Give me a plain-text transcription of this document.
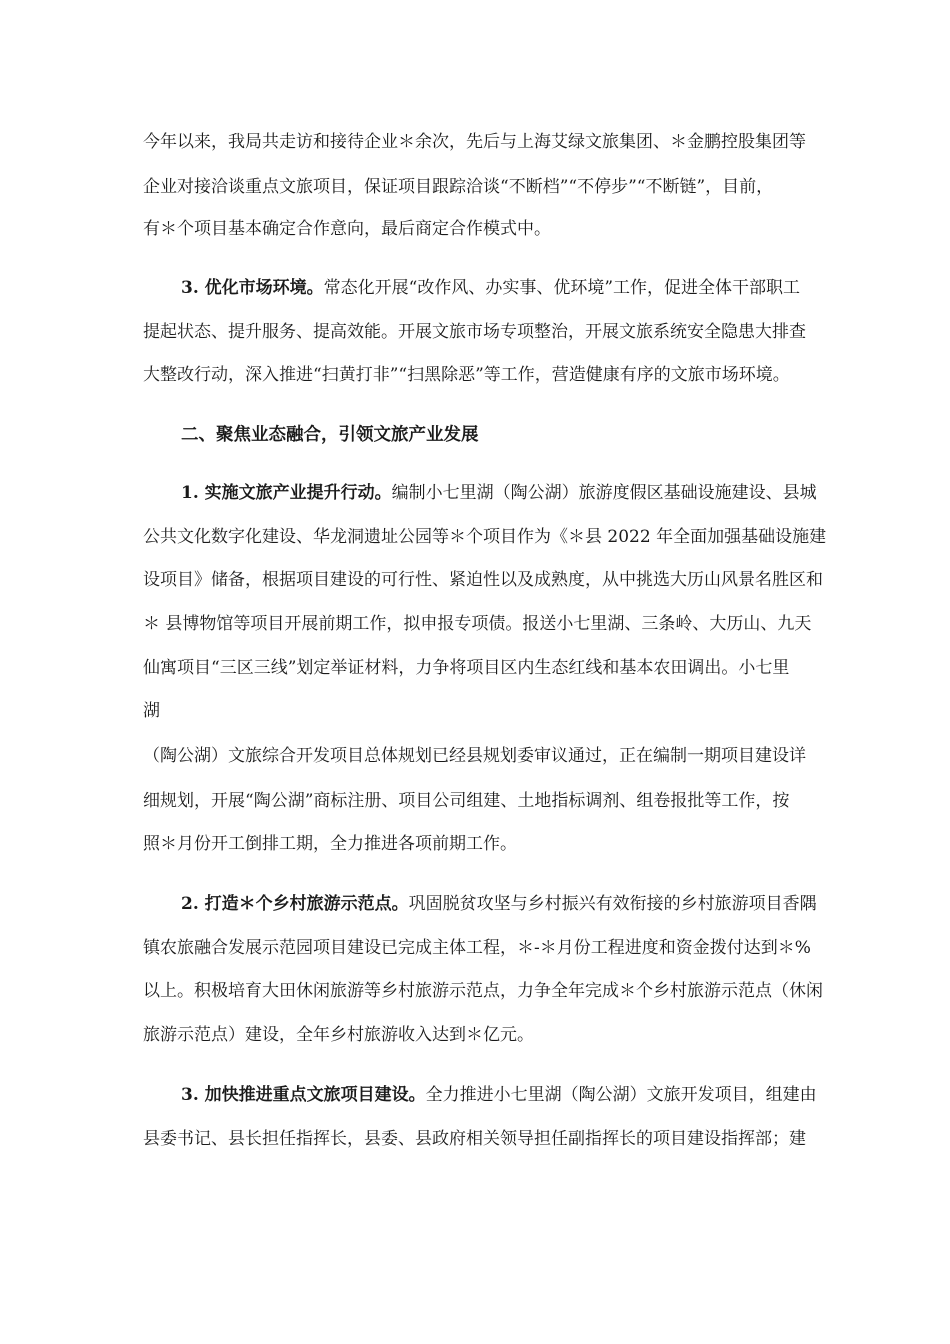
今年以来，我局共走访和接待企业＊余次，先后与上海艾绿文旅集团、＊金鹏控股集团等
企业对接洽谈重点文旅项目，保证项目跟踪洽谈“不断档”“不停步”“不断链”，目前，
有＊个项目基本确定合作意向，最后商定合作模式中。
3. 优化市场环境。常态化开展“改作风、办实事、优环境”工作，促进全体干部职工
提起状态、提升服务、提高效能。开展文旅市场专项整治，开展文旅系统安全隐患大排查
大整改行动，深入推进“扫黄打非”“扫黑除恶”等工作，营造健康有序的文旅市场环境。
二、聚焦业态融合，引领文旅产业发展
1. 实施文旅产业提升行动。编制小七里湖（陶公湖）旅游度假区基础设施建设、县城
公共文化数字化建设、华龙洞遗址公园等＊个项目作为《＊县 2022 年全面加强基础设施建
设项目》储备，根据项目建设的可行性、紧迫性以及成熟度，从中挑选大历山风景名胜区和
＊ 县博物馆等项目开展前期工作，拟申报专项债。报送小七里湖、三条岭、大历山、九天
仙寓项目“三区三线”划定举证材料，力争将项目区内生态红线和基本农田调出。小七里
湖
（陶公湖）文旅综合开发项目总体规划已经县规划委审议通过，正在编制一期项目建设详
细规划，开展“陶公湖”商标注册、项目公司组建、土地指标调剂、组卷报批等工作，按
照＊月份开工倒排工期，全力推进各项前期工作。
2. 打造＊个乡村旅游示范点。巩固脱贫攻坚与乡村振兴有效衔接的乡村旅游项目香隅
镇农旅融合发展示范园项目建设已完成主体工程，＊-＊月份工程进度和资金拨付达到＊%
以上。积极培育大田休闲旅游等乡村旅游示范点，力争全年完成＊个乡村旅游示范点（休闲
旅游示范点）建设，全年乡村旅游收入达到＊亿元。
3. 加快推进重点文旅项目建设。全力推进小七里湖（陶公湖）文旅开发项目，组建由
县委书记、县长担任指挥长，县委、县政府相关领导担任副指挥长的项目建设指挥部；建
